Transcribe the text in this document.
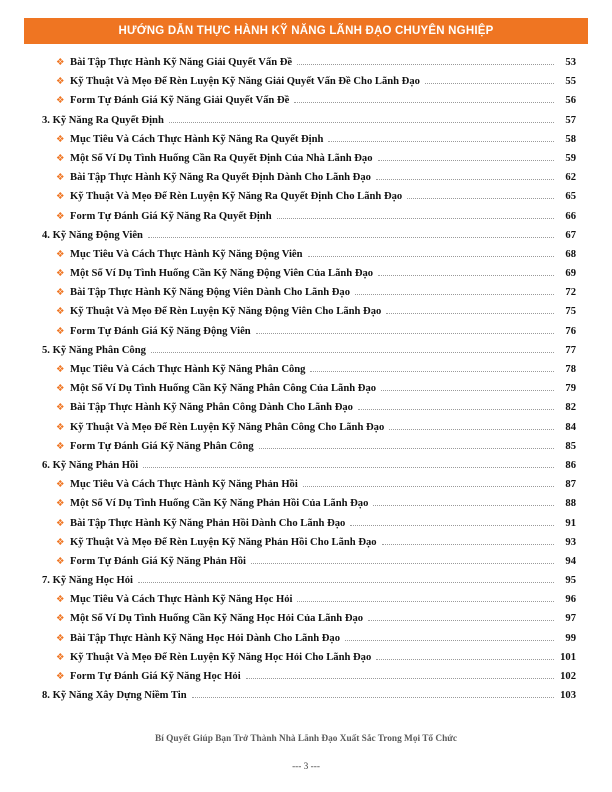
HƯỚNG DẪN THỰC HÀNH KỸ NĂNG LÃNH ĐẠO CHUYÊN NGHIỆP
❖ Bài Tập Thực Hành Kỹ Năng Giải Quyết Vấn Đề	53
❖ Kỹ Thuật Và Mẹo Để Rèn Luyện Kỹ Năng Giải Quyết Vấn Đề Cho Lãnh Đạo	55
❖ Form Tự Đánh Giá Kỹ Năng Giải Quyết Vấn Đề	56
3. Kỹ Năng Ra Quyết Định	57
❖ Mục Tiêu Và Cách Thực Hành Kỹ Năng Ra Quyết Định	58
❖ Một Số Ví Dụ Tình Huống Cần Ra Quyết Định Của Nhà Lãnh Đạo	59
❖ Bài Tập Thực Hành Kỹ Năng Ra Quyết Định Dành Cho Lãnh Đạo	62
❖ Kỹ Thuật Và Mẹo Để Rèn Luyện Kỹ Năng Ra Quyết Định Cho Lãnh Đạo	65
❖ Form Tự Đánh Giá Kỹ Năng Ra Quyết Định	66
4. Kỹ Năng Động Viên	67
❖ Mục Tiêu Và Cách Thực Hành Kỹ Năng Động Viên	68
❖ Một Số Ví Dụ Tình Huống Cần Kỹ Năng Động Viên Của Lãnh Đạo	69
❖ Bài Tập Thực Hành Kỹ Năng Động Viên Dành Cho Lãnh Đạo	72
❖ Kỹ Thuật Và Mẹo Để Rèn Luyện Kỹ Năng Động Viên Cho Lãnh Đạo	75
❖ Form Tự Đánh Giá Kỹ Năng Động Viên	76
5. Kỹ Năng Phân Công	77
❖ Mục Tiêu Và Cách Thực Hành Kỹ Năng Phân Công	78
❖ Một Số Ví Dụ Tình Huống Cần Kỹ Năng Phân Công Của Lãnh Đạo	79
❖ Bài Tập Thực Hành Kỹ Năng Phân Công Dành Cho Lãnh Đạo	82
❖ Kỹ Thuật Và Mẹo Để Rèn Luyện Kỹ Năng Phân Công Cho Lãnh Đạo	84
❖ Form Tự Đánh Giá Kỹ Năng Phân Công	85
6. Kỹ Năng Phản Hồi	86
❖ Mục Tiêu Và Cách Thực Hành Kỹ Năng Phản Hồi	87
❖ Một Số Ví Dụ Tình Huống Cần Kỹ Năng Phản Hồi Của Lãnh Đạo	88
❖ Bài Tập Thực Hành Kỹ Năng Phản Hồi Dành Cho Lãnh Đạo	91
❖ Kỹ Thuật Và Mẹo Để Rèn Luyện Kỹ Năng Phản Hồi Cho Lãnh Đạo	93
❖ Form Tự Đánh Giá Kỹ Năng Phản Hồi	94
7. Kỹ Năng Học Hỏi	95
❖ Mục Tiêu Và Cách Thực Hành Kỹ Năng Học Hỏi	96
❖ Một Số Ví Dụ Tình Huống Cần Kỹ Năng Học Hỏi Của Lãnh Đạo	97
❖ Bài Tập Thực Hành Kỹ Năng Học Hỏi Dành Cho Lãnh Đạo	99
❖ Kỹ Thuật Và Mẹo Để Rèn Luyện Kỹ Năng Học Hỏi Cho Lãnh Đạo	101
❖ Form Tự Đánh Giá Kỹ Năng Học Hỏi	102
8. Kỹ Năng Xây Dựng Niềm Tin	103
Bí Quyết Giúp Bạn Trở Thành Nhà Lãnh Đạo Xuất Sắc Trong Mọi Tổ Chức
--- 3 ---
